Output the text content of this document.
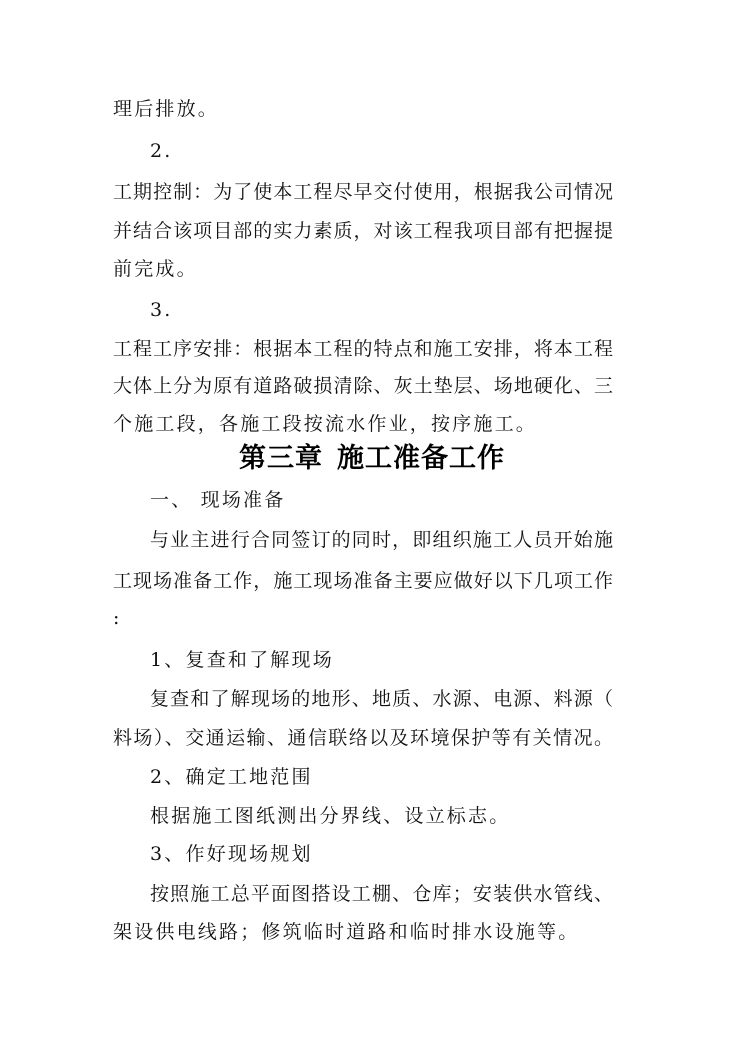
理后排放。
2.
工期控制：为了使本工程尽早交付使用，根据我公司情况
并结合该项目部的实力素质，对该工程我项目部有把握提
前完成。
3.
工程工序安排：根据本工程的特点和施工安排，将本工程
大体上分为原有道路破损清除、灰土垫层、场地硬化、三
个施工段，各施工段按流水作业，按序施工。
第三章 施工准备工作
一、 现场准备
与业主进行合同签订的同时，即组织施工人员开始施
工现场准备工作，施工现场准备主要应做好以下几项工作
:
1、复查和了解现场
复查和了解现场的地形、地质、水源、电源、料源（
料场）、交通运输、通信联络以及环境保护等有关情况。
2、确定工地范围
根据施工图纸测出分界线、设立标志。
3、作好现场规划
按照施工总平面图搭设工棚、仓库；安装供水管线、
架设供电线路；修筑临时道路和临时排水设施等。
